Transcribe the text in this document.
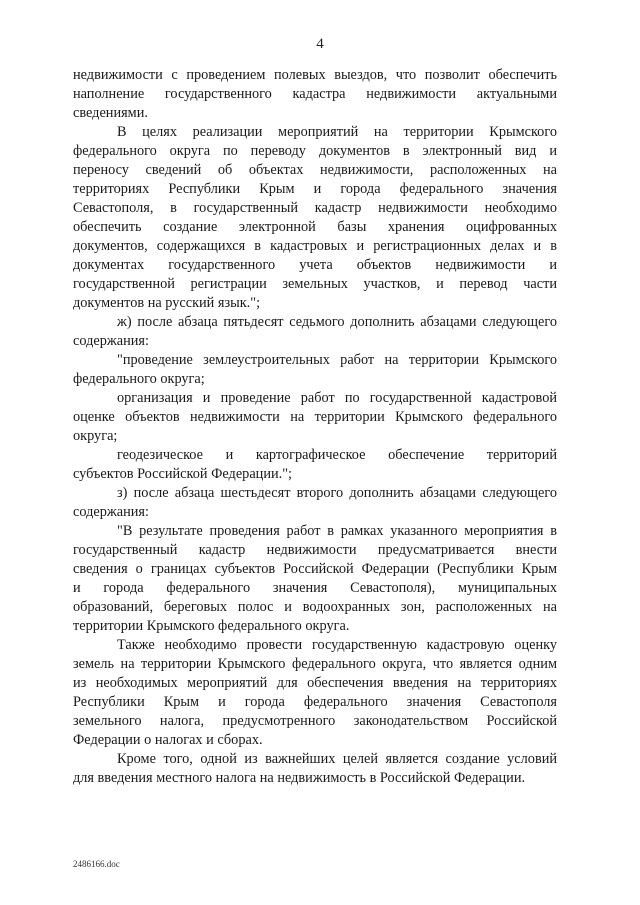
4
недвижимости с проведением полевых выездов, что позволит обеспечить
наполнение государственного кадастра недвижимости актуальными
сведениями.
В целях реализации мероприятий на территории Крымского
федерального округа по переводу документов в электронный вид и
переносу сведений об объектах недвижимости, расположенных на
территориях Республики Крым и города федерального значения
Севастополя, в государственный кадастр недвижимости необходимо
обеспечить создание электронной базы хранения оцифрованных
документов, содержащихся в кадастровых и регистрационных делах и в
документах государственного учета объектов недвижимости и
государственной регистрации земельных участков, и перевод части
документов на русский язык.";
ж) после абзаца пятьдесят седьмого дополнить абзацами следующего
содержания:
"проведение землеустроительных работ на территории Крымского
федерального округа;
организация и проведение работ по государственной кадастровой
оценке объектов недвижимости на территории Крымского федерального
округа;
геодезическое и картографическое обеспечение территорий
субъектов Российской Федерации.";
з) после абзаца шестьдесят второго дополнить абзацами следующего
содержания:
"В результате проведения работ в рамках указанного мероприятия в
государственный кадастр недвижимости предусматривается внести
сведения о границах субъектов Российской Федерации (Республики Крым
и города федерального значения Севастополя), муниципальных
образований, береговых полос и водоохранных зон, расположенных на
территории Крымского федерального округа.
Также необходимо провести государственную кадастровую оценку
земель на территории Крымского федерального округа, что является одним
из необходимых мероприятий для обеспечения введения на территориях
Республики Крым и города федерального значения Севастополя
земельного налога, предусмотренного законодательством Российской
Федерации о налогах и сборах.
Кроме того, одной из важнейших целей является создание условий
для введения местного налога на недвижимость в Российской Федерации.
2486166.doc
